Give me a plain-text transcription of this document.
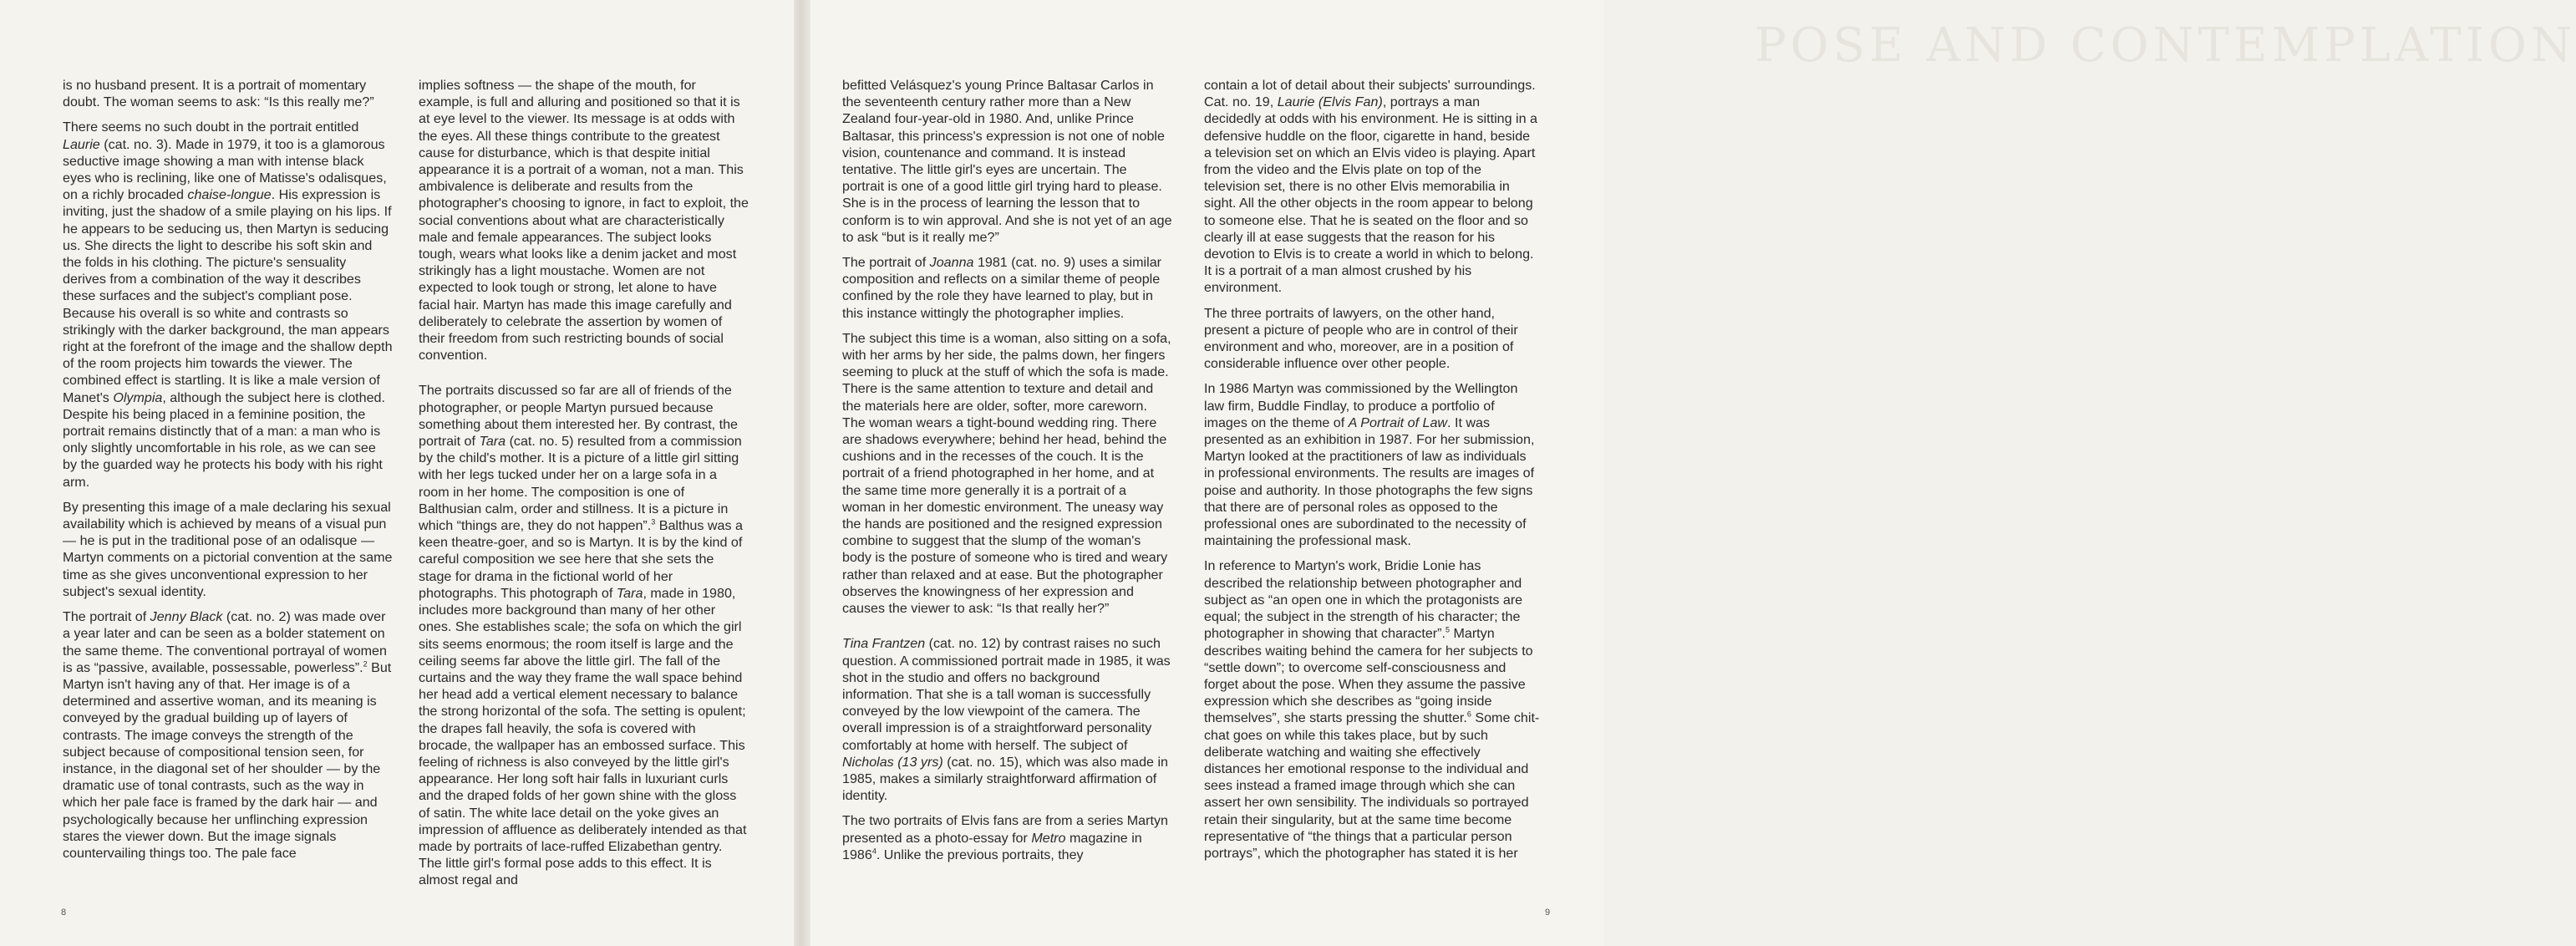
is no husband present. It is a portrait of momentary doubt. The woman seems to ask: “Is this really me?”

There seems no such doubt in the portrait entitled Laurie (cat. no. 3). Made in 1979, it too is a glamorous seductive image showing a man with intense black eyes who is reclining, like one of Matisse's odalisques, on a richly brocaded chaise-longue. His expression is inviting, just the shadow of a smile playing on his lips. If he appears to be seducing us, then Martyn is seducing us. She directs the light to describe his soft skin and the folds in his clothing. The picture's sensuality derives from a combination of the way it describes these surfaces and the subject's compliant pose. Because his overall is so white and contrasts so strikingly with the darker background, the man appears right at the forefront of the image and the shallow depth of the room projects him towards the viewer. The combined effect is startling. It is like a male version of Manet's Olympia, although the subject here is clothed. Despite his being placed in a feminine position, the portrait remains distinctly that of a man: a man who is only slightly uncomfortable in his role, as we can see by the guarded way he protects his body with his right arm.

By presenting this image of a male declaring his sexual availability which is achieved by means of a visual pun — he is put in the traditional pose of an odalisque — Martyn comments on a pictorial convention at the same time as she gives unconventional expression to her subject's sexual identity.

The portrait of Jenny Black (cat. no. 2) was made over a year later and can be seen as a bolder statement on the same theme. The conventional portrayal of women is as “passive, available, possessable, powerless”.$^2$ But Martyn isn't having any of that. Her image is of a determined and assertive woman, and its meaning is conveyed by the gradual building up of layers of contrasts. The image conveys the strength of the subject because of compositional tension seen, for instance, in the diagonal set of her shoulder — by the dramatic use of tonal contrasts, such as the way in which her pale face is framed by the dark hair — and psychologically because her unflinching expression stares the viewer down. But the image signals countervailing things too. The pale face

implies softness — the shape of the mouth, for example, is full and alluring and positioned so that it is at eye level to the viewer. Its message is at odds with the eyes. All these things contribute to the greatest cause for disturbance, which is that despite initial appearance it is a portrait of a woman, not a man. This ambivalence is deliberate and results from the photographer's choosing to ignore, in fact to exploit, the social conventions about what are characteristically male and female appearances. The subject looks tough, wears what looks like a denim jacket and most strikingly has a light moustache. Women are not expected to look tough or strong, let alone to have facial hair. Martyn has made this image carefully and deliberately to celebrate the assertion by women of their freedom from such restricting bounds of social convention.

The portraits discussed so far are all of friends of the photographer, or people Martyn pursued because something about them interested her. By contrast, the portrait of Tara (cat. no. 5) resulted from a commission by the child's mother. It is a picture of a little girl sitting with her legs tucked under her on a large sofa in a room in her home. The composition is one of Balthusian calm, order and stillness. It is a picture in which “things are, they do not happen”.$^3$ Balthus was a keen theatre-goer, and so is Martyn. It is by the kind of careful composition we see here that she sets the stage for drama in the fictional world of her photographs. This photograph of Tara, made in 1980, includes more background than many of her other ones. She establishes scale; the sofa on which the girl sits seems enormous; the room itself is large and the ceiling seems far above the little girl. The fall of the curtains and the way they frame the wall space behind her head add a vertical element necessary to balance the strong horizontal of the sofa. The setting is opulent; the drapes fall heavily, the sofa is covered with brocade, the wallpaper has an embossed surface. This feeling of richness is also conveyed by the little girl's appearance. Her long soft hair falls in luxuriant curls and the draped folds of her gown shine with the gloss of satin. The white lace detail on the yoke gives an impression of affluence as deliberately intended as that made by portraits of lace-ruffed Elizabethan gentry. The little girl's formal pose adds to this effect. It is almost regal and

8
POSE AND CONTEMPLATION

befitted Velásquez's young Prince Baltasar Carlos in the seventeenth century rather more than a New Zealand four-year-old in 1980. And, unlike Prince Baltasar, this princess's expression is not one of noble vision, countenance and command. It is instead tentative. The little girl's eyes are uncertain. The portrait is one of a good little girl trying hard to please. She is in the process of learning the lesson that to conform is to win approval. And she is not yet of an age to ask “but is it really me?”

The portrait of Joanna 1981 (cat. no. 9) uses a similar composition and reflects on a similar theme of people confined by the role they have learned to play, but in this instance wittingly the photographer implies.

The subject this time is a woman, also sitting on a sofa, with her arms by her side, the palms down, her fingers seeming to pluck at the stuff of which the sofa is made. There is the same attention to texture and detail and the materials here are older, softer, more careworn. The woman wears a tight-bound wedding ring. There are shadows everywhere; behind her head, behind the cushions and in the recesses of the couch. It is the portrait of a friend photographed in her home, and at the same time more generally it is a portrait of a woman in her domestic environment. The uneasy way the hands are positioned and the resigned expression combine to suggest that the slump of the woman's body is the posture of someone who is tired and weary rather than relaxed and at ease. But the photographer observes the knowingness of her expression and causes the viewer to ask: “Is that really her?”

Tina Frantzen (cat. no. 12) by contrast raises no such question. A commissioned portrait made in 1985, it was shot in the studio and offers no background information. That she is a tall woman is successfully conveyed by the low viewpoint of the camera. The overall impression is of a straightforward personality comfortably at home with herself. The subject of Nicholas (13 yrs) (cat. no. 15), which was also made in 1985, makes a similarly straightforward affirmation of identity.

The two portraits of Elvis fans are from a series Martyn presented as a photo-essay for Metro magazine in 1986$^4$. Unlike the previous portraits, they

contain a lot of detail about their subjects' surroundings. Cat. no. 19, Laurie (Elvis Fan), portrays a man decidedly at odds with his environment. He is sitting in a defensive huddle on the floor, cigarette in hand, beside a television set on which an Elvis video is playing. Apart from the video and the Elvis plate on top of the television set, there is no other Elvis memorabilia in sight. All the other objects in the room appear to belong to someone else. That he is seated on the floor and so clearly ill at ease suggests that the reason for his devotion to Elvis is to create a world in which to belong. It is a portrait of a man almost crushed by his environment.

The three portraits of lawyers, on the other hand, present a picture of people who are in control of their environment and who, moreover, are in a position of considerable influence over other people.

In 1986 Martyn was commissioned by the Wellington law firm, Buddle Findlay, to produce a portfolio of images on the theme of A Portrait of Law. It was presented as an exhibition in 1987. For her submission, Martyn looked at the practitioners of law as individuals in professional environments. The results are images of poise and authority. In those photographs the few signs that there are of personal roles as opposed to the professional ones are subordinated to the necessity of maintaining the professional mask.

In reference to Martyn's work, Bridie Lonie has described the relationship between photographer and subject as “an open one in which the protagonists are equal; the subject in the strength of his character; the photographer in showing that character”.$^5$ Martyn describes waiting behind the camera for her subjects to “settle down”; to overcome self-consciousness and forget about the pose. When they assume the passive expression which she describes as “going inside themselves”, she starts pressing the shutter.$^6$ Some chit-chat goes on while this takes place, but by such deliberate watching and waiting she effectively distances her emotional response to the individual and sees instead a framed image through which she can assert her own sensibility. The individuals so portrayed retain their singularity, but at the same time become representative of “the things that a particular person portrays”, which the photographer has stated it is her

9
